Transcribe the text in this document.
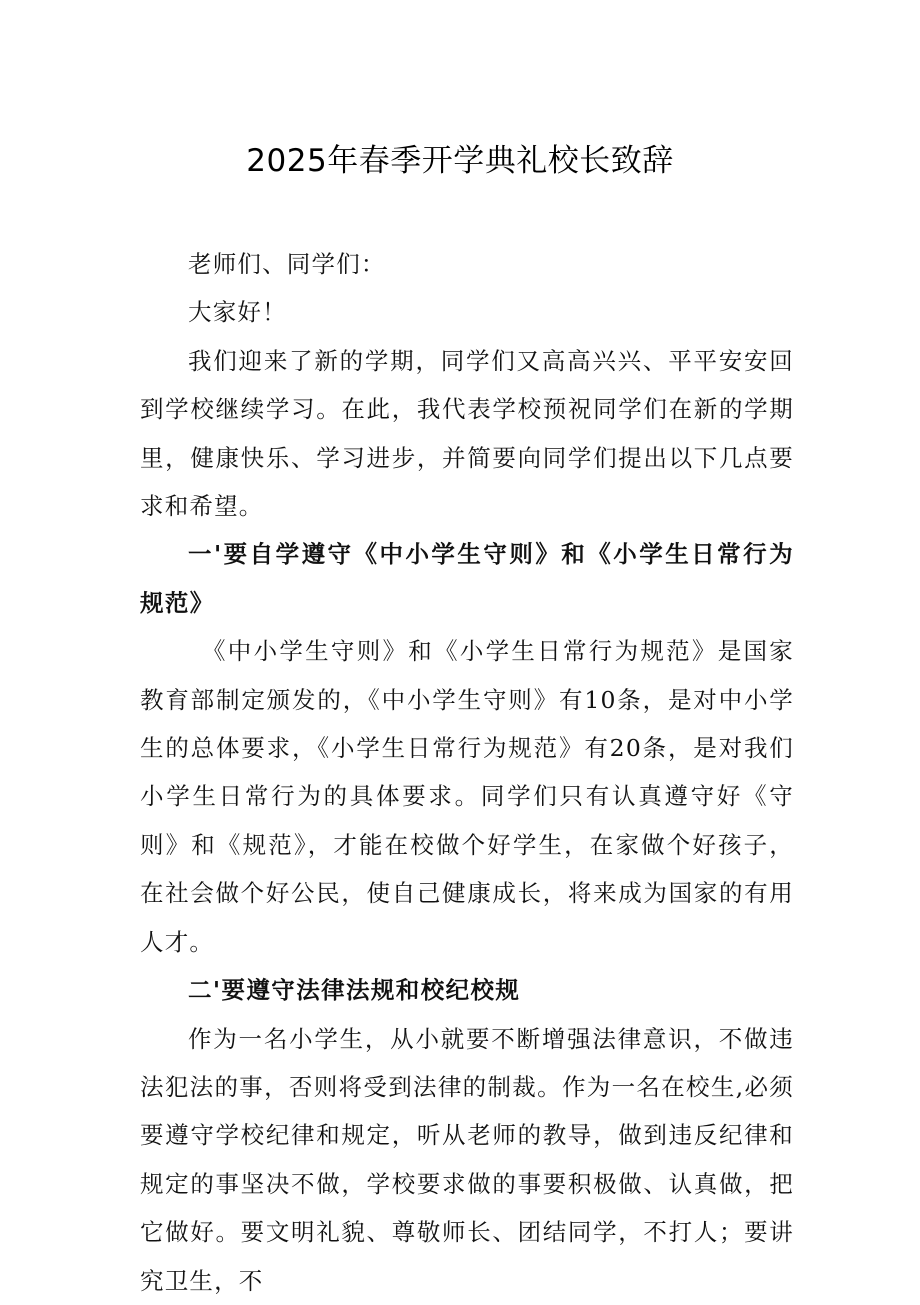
2025年春季开学典礼校长致辞

老师们、同学们：

大家好！

我们迎来了新的学期，同学们又高高兴兴、平平安安回到学校继续学习。在此，我代表学校预祝同学们在新的学期里，健康快乐、学习进步，并简要向同学们提出以下几点要求和希望。

一'要自学遵守《中小学生守则》和《小学生日常行为规范》

《中小学生守则》和《小学生日常行为规范》是国家教育部制定颁发的，《中小学生守则》有10条，是对中小学生的总体要求，《小学生日常行为规范》有20条，是对我们小学生日常行为的具体要求。同学们只有认真遵守好《守则》和《规范》，才能在校做个好学生，在家做个好孩子，在社会做个好公民，使自己健康成长，将来成为国家的有用人才。

二'要遵守法律法规和校纪校规

作为一名小学生，从小就要不断增强法律意识，不做违法犯法的事，否则将受到法律的制裁。作为一名在校生,必须要遵守学校纪律和规定，听从老师的教导，做到违反纪律和规定的事坚决不做，学校要求做的事要积极做、认真做，把它做好。要文明礼貌、尊敬师长、团结同学，不打人；要讲究卫生，不
